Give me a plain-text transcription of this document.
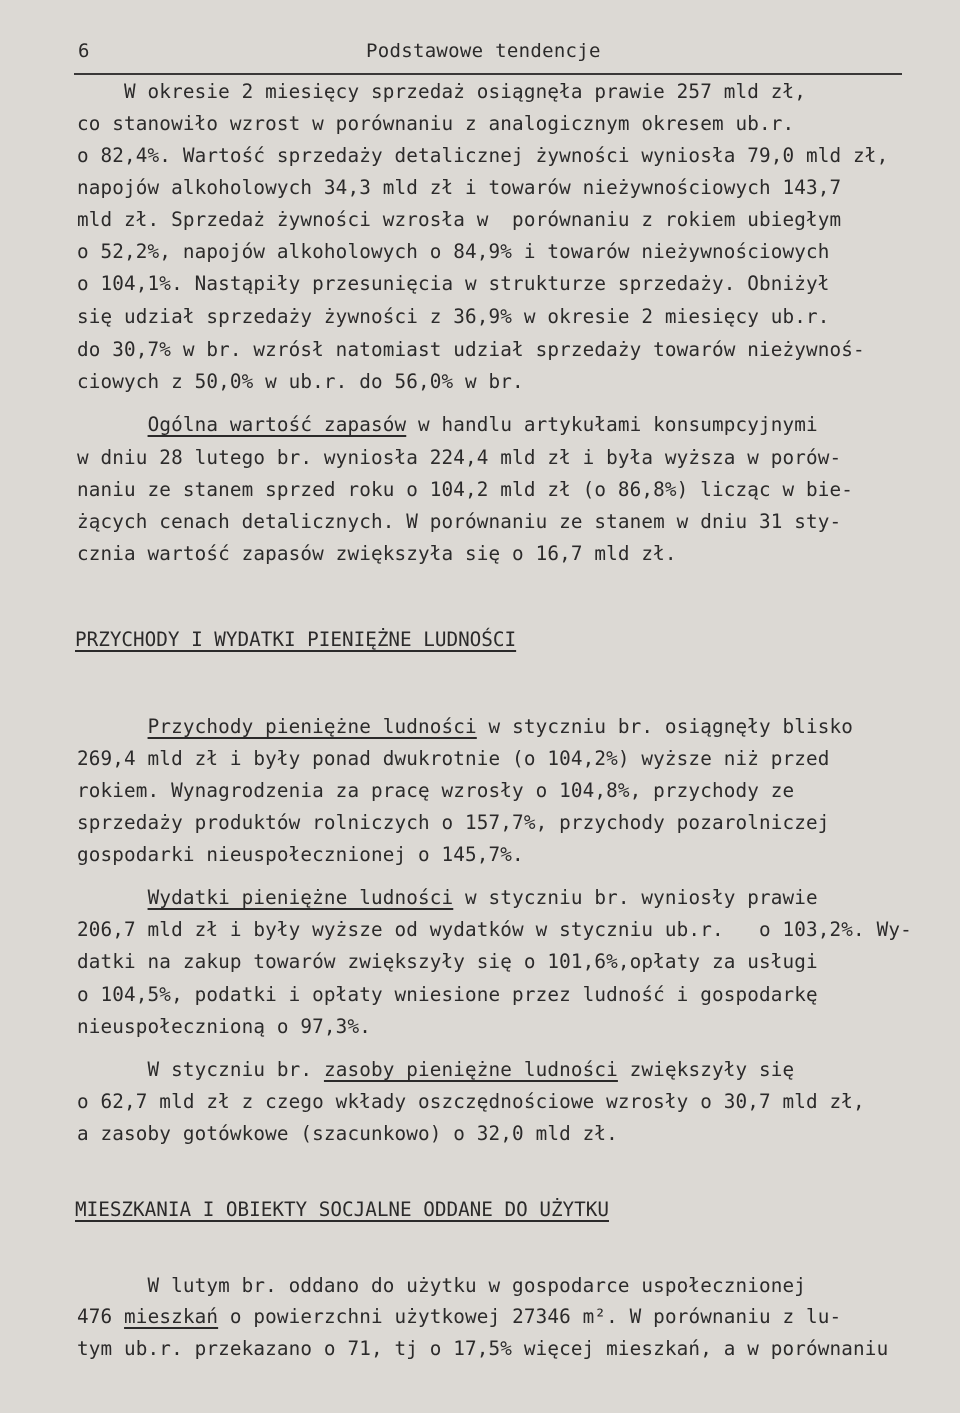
6	Podstawowe tendencje
W okresie 2 miesięcy sprzedaż osiągnęła prawie 257 mld zł,
co stanowiło wzrost w porównaniu z analogicznym okresem ub.r.
o 82,4%. Wartość sprzedaży detalicznej żywności wyniosła 79,0 mld zł,
napojów alkoholowych 34,3 mld zł i towarów nieżywnościowych 143,7
mld zł. Sprzedaż żywności wzrosła w  porównaniu z rokiem ubiegłym
o 52,2%, napojów alkoholowych o 84,9% i towarów nieżywnościowych
o 104,1%. Nastąpiły przesunięcia w strukturze sprzedaży. Obniżył
się udział sprzedaży żywności z 36,9% w okresie 2 miesięcy ub.r.
do 30,7% w br. wzrósł natomiast udział sprzedaży towarów nieżywnoś-
ciowych z 50,0% w ub.r. do 56,0% w br.
Ogólna wartość zapasów w handlu artykułami konsumpcyjnymi
w dniu 28 lutego br. wyniosła 224,4 mld zł i była wyższa w porów-
naniu ze stanem sprzed roku o 104,2 mld zł (o 86,8%) licząc w bie-
żących cenach detalicznych. W porównaniu ze stanem w dniu 31 sty-
cznia wartość zapasów zwiększyła się o 16,7 mld zł.
PRZYCHODY I WYDATKI PIENIĘŻNE LUDNOŚCI
Przychody pieniężne ludności w styczniu br. osiągnęły blisko
269,4 mld zł i były ponad dwukrotnie (o 104,2%) wyższe niż przed
rokiem. Wynagrodzenia za pracę wzrosły o 104,8%, przychody ze
sprzedaży produktów rolniczych o 157,7%, przychody pozarolniczej
gospodarki nieuspołecznionej o 145,7%.
Wydatki pieniężne ludności w styczniu br. wyniosły prawie
206,7 mld zł i były wyższe od wydatków w styczniu ub.r.   o 103,2%. Wy-
datki na zakup towarów zwiększyły się o 101,6%,opłaty za usługi
o 104,5%, podatki i opłaty wniesione przez ludność i gospodarkę
nieuspołecznioną o 97,3%.
W styczniu br. zasoby pieniężne ludności zwiększyły się
o 62,7 mld zł z czego wkłady oszczędnościowe wzrosły o 30,7 mld zł,
a zasoby gotówkowe (szacunkowo) o 32,0 mld zł.
MIESZKANIA I OBIEKTY SOCJALNE ODDANE DO UŻYTKU
W lutym br. oddano do użytku w gospodarce uspołecznionej
476 mieszkań o powierzchni użytkowej 27346 m². W porównaniu z lu-
tym ub.r. przekazano o 71, tj o 17,5% więcej mieszkań, a w porównaniu
